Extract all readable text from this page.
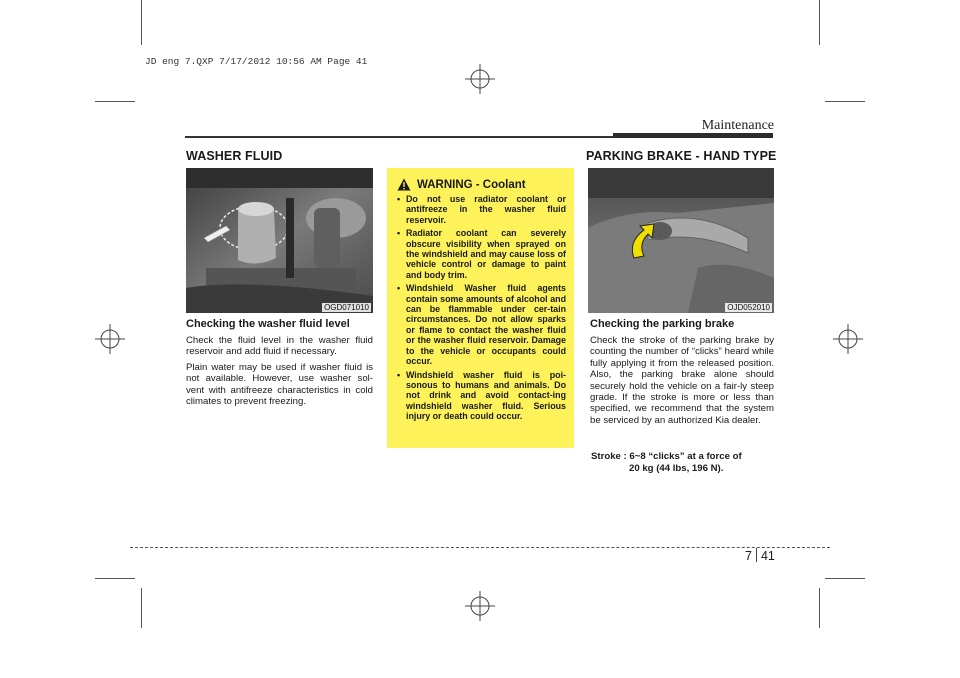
JD eng 7.QXP 7/17/2012 10:56 AM Page 41
Maintenance
WASHER FLUID
OGD071010
Checking the washer fluid level

Check the fluid level in the washer fluid reservoir and add fluid if necessary.

Plain water may be used if washer fluid is not available. However, use washer sol-vent with antifreeze characteristics in cold climates to prevent freezing.

WARNING - Coolant
• Do not use radiator coolant or antifreeze in the washer fluid reservoir.
• Radiator coolant can severely obscure visibility when sprayed on the windshield and may cause loss of vehicle control or damage to paint and body trim.
• Windshield Washer fluid agents contain some amounts of alcohol and can be flammable under cer-tain circumstances. Do not allow sparks or flame to contact the washer fluid or the washer fluid reservoir. Damage to the vehicle or occupants could occur.
• Windshield washer fluid is poi-sonous to humans and animals. Do not drink and avoid contact-ing windshield washer fluid. Serious injury or death could occur.
PARKING BRAKE - HAND TYPE
OJD052010
Checking the parking brake

Check the stroke of the parking brake by counting the number of “clicks” heard while fully applying it from the released position. Also, the parking brake alone should securely hold the vehicle on a fair-ly steep grade. If the stroke is more or less than specified, we recommend that the system be serviced by an authorized Kia dealer.

Stroke : 6~8 “clicks” at a force of
20 kg (44 lbs, 196 N).
7 41
